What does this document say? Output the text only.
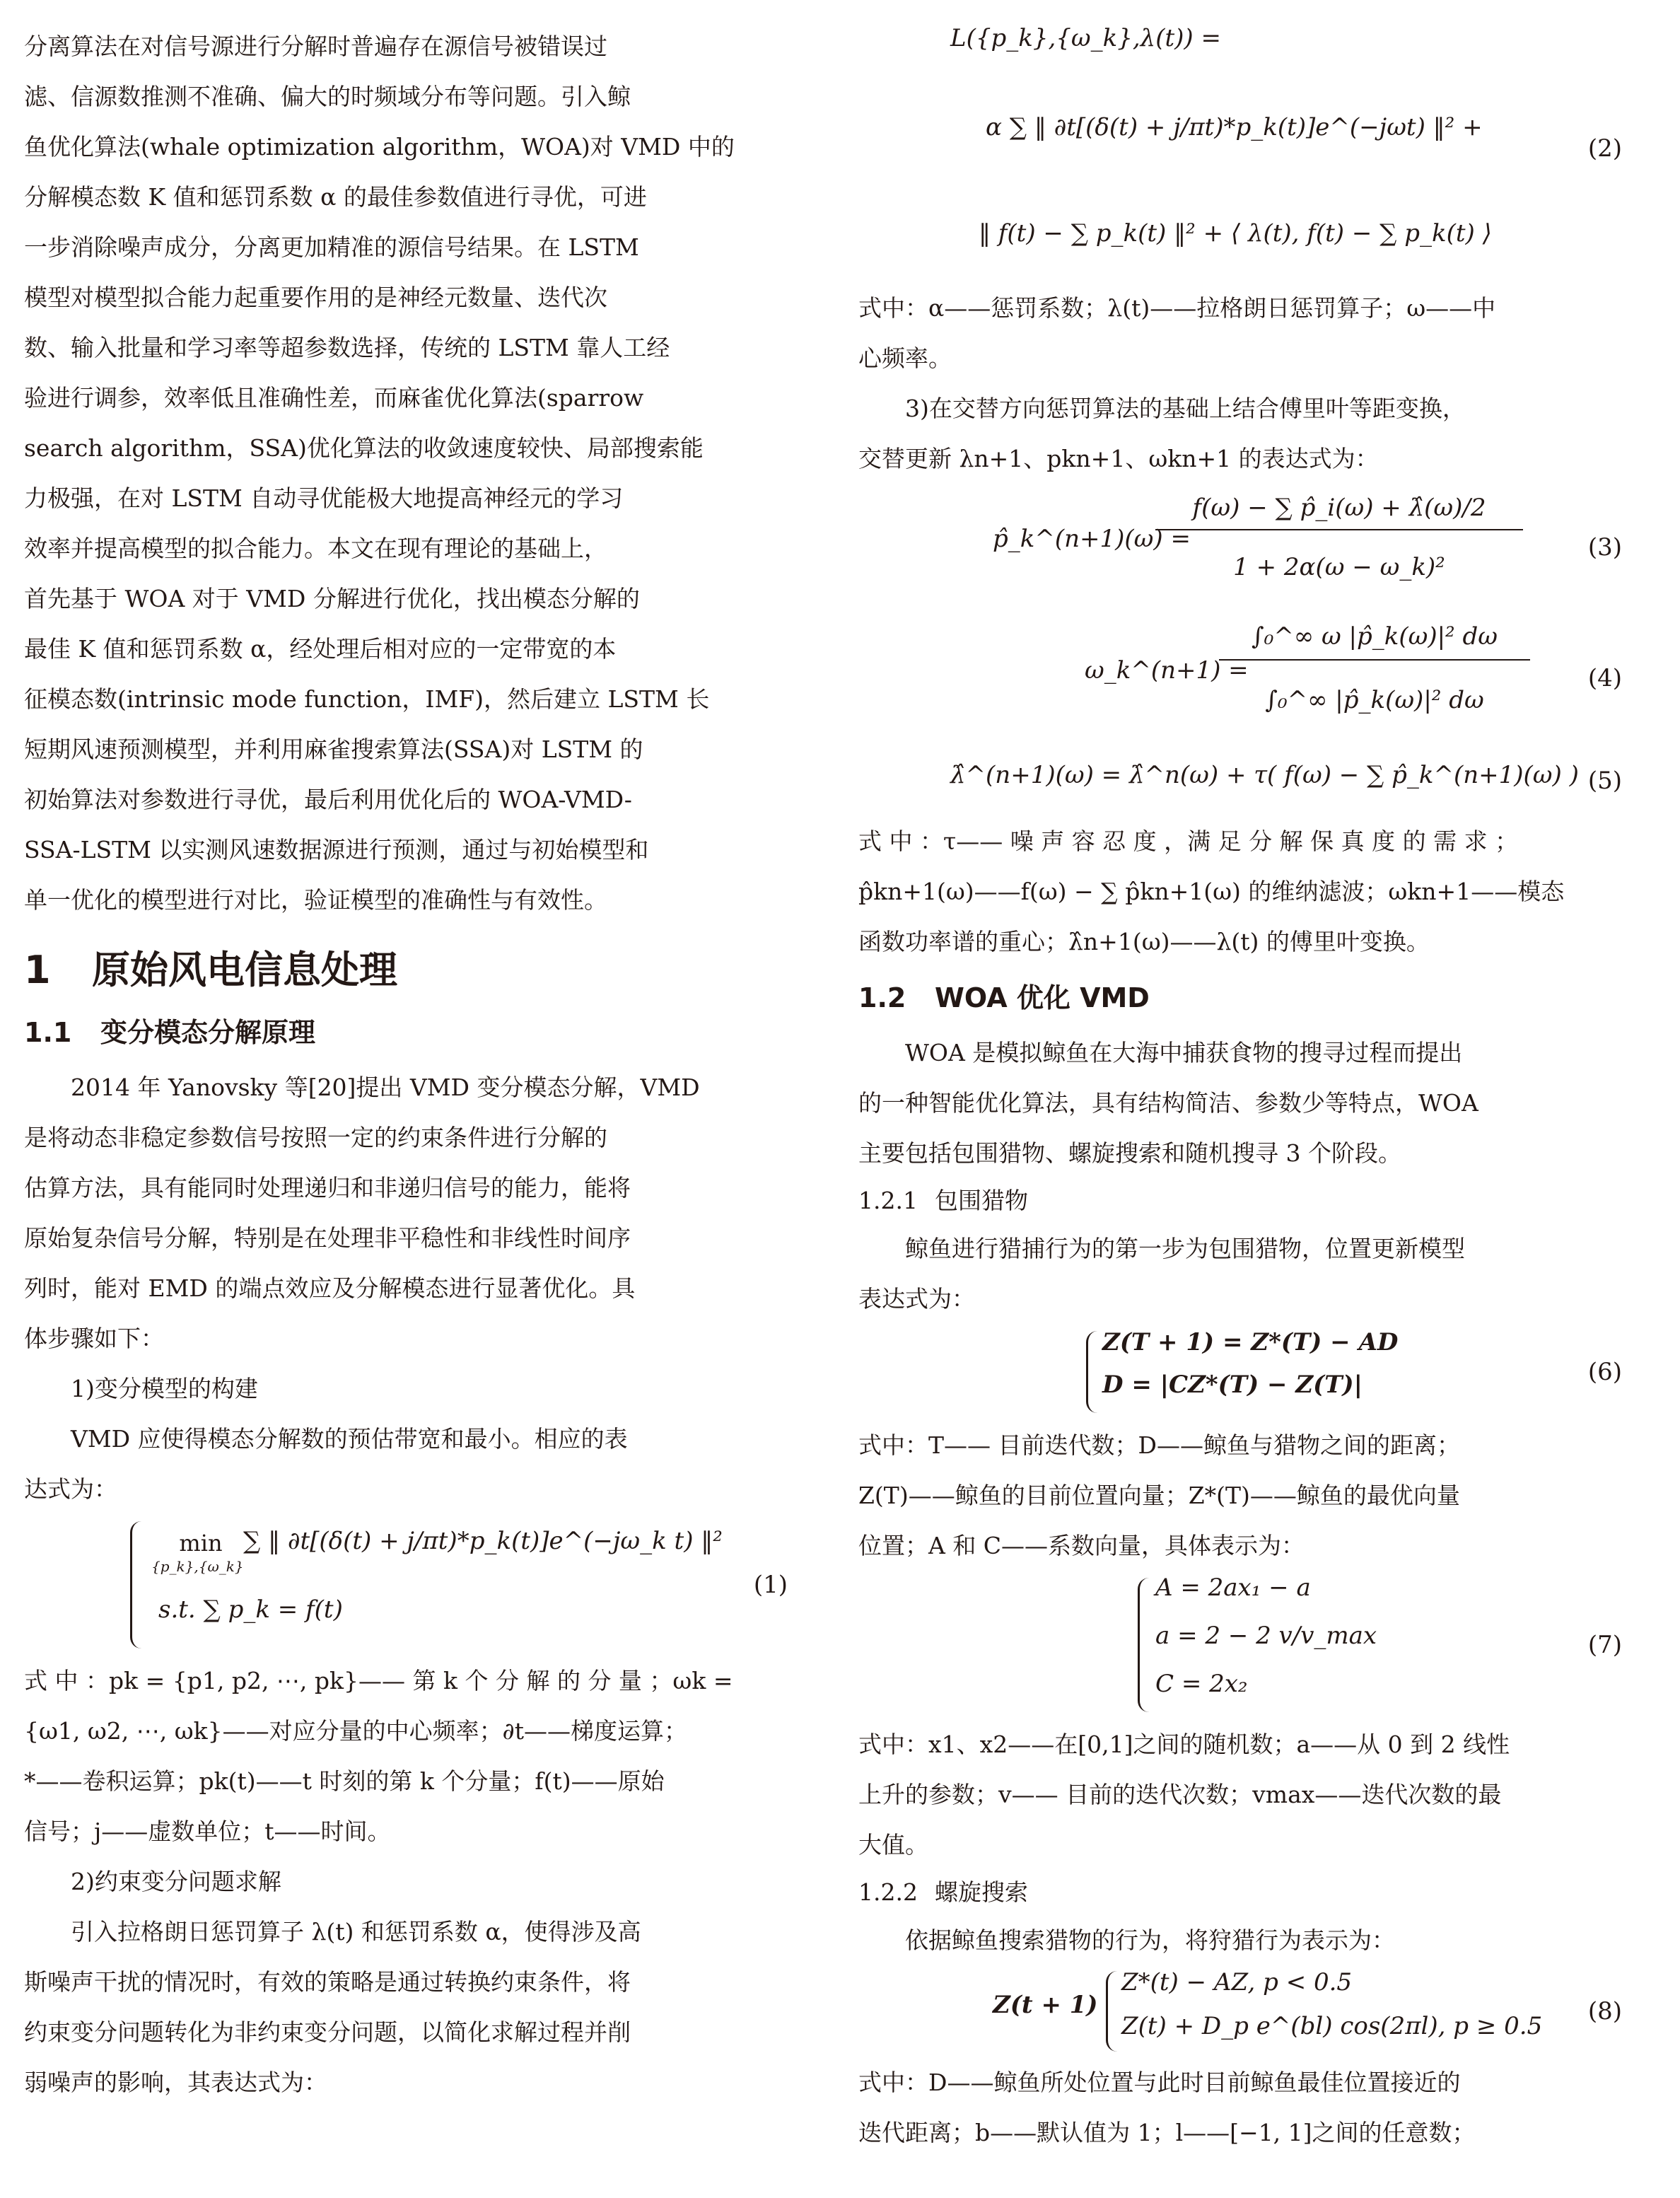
分离算法在对信号源进行分解时普遍存在源信号被错误过
滤、信源数推测不准确、偏大的时频域分布等问题。引入鲸
鱼优化算法(whale optimization algorithm，WOA)对 VMD 中的
分解模态数 K 值和惩罚系数 α 的最佳参数值进行寻优，可进
一步消除噪声成分，分离更加精准的源信号结果。在 LSTM
模型对模型拟合能力起重要作用的是神经元数量、迭代次
数、输入批量和学习率等超参数选择，传统的 LSTM 靠人工经
验进行调参，效率低且准确性差，而麻雀优化算法(sparrow
search algorithm，SSA)优化算法的收敛速度较快、局部搜索能
力极强，在对 LSTM 自动寻优能极大地提高神经元的学习
效率并提高模型的拟合能力。本文在现有理论的基础上，
首先基于 WOA 对于 VMD 分解进行优化，找出模态分解的
最佳 K 值和惩罚系数 α，经处理后相对应的一定带宽的本
征模态数(intrinsic mode function，IMF)，然后建立 LSTM 长
短期风速预测模型，并利用麻雀搜索算法(SSA)对 LSTM 的
初始算法对参数进行寻优，最后利用优化后的 WOA-VMD-
SSA-LSTM 以实测风速数据源进行预测，通过与初始模型和
单一优化的模型进行对比，验证模型的准确性与有效性。
1 原始风电信息处理
1.1 变分模态分解原理
2014 年 Yanovsky 等[20]提出 VMD 变分模态分解，VMD
是将动态非稳定参数信号按照一定的约束条件进行分解的
估算方法，具有能同时处理递归和非递归信号的能力，能将
原始复杂信号分解，特别是在处理非平稳性和非线性时间序
列时，能对 EMD 的端点效应及分解模态进行显著优化。具
体步骤如下：
1)变分模型的构建
VMD 应使得模态分解数的预估带宽和最小。相应的表
达式为：
min
{p_k},{ω_k}
∑ ‖ ∂t[(δ(t) + j/πt)*p_k(t)]e^(−jω_k t) ‖²
s.t. ∑ p_k = f(t)
(1)
式 中 ：pk = {p1, p2, ⋯, pk}—— 第 k 个 分 解 的 分 量 ；ωk =
{ω1, ω2, ⋯, ωk}——对应分量的中心频率；∂t——梯度运算；
*——卷积运算；pk(t)——t 时刻的第 k 个分量；f(t)——原始
信号；j——虚数单位；t——时间。
2)约束变分问题求解
引入拉格朗日惩罚算子 λ(t) 和惩罚系数 α，使得涉及高
斯噪声干扰的情况时，有效的策略是通过转换约束条件，将
约束变分问题转化为非约束变分问题，以简化求解过程并削
弱噪声的影响，其表达式为：
L({p_k},{ω_k},λ(t)) =
α ∑ ‖ ∂t[(δ(t) + j/πt)*p_k(t)]e^(−jωt) ‖² +
‖ f(t) − ∑ p_k(t) ‖² + ⟨ λ(t), f(t) − ∑ p_k(t) ⟩
(2)
式中：α——惩罚系数；λ(t)——拉格朗日惩罚算子；ω——中
心频率。
3)在交替方向惩罚算法的基础上结合傅里叶等距变换，
交替更新 λn+1、pkn+1、ωkn+1 的表达式为：
p̂_k^(n+1)(ω) =
f(ω) − ∑ p̂_i(ω) + λ̂(ω)/2
1 + 2α(ω − ω_k)²
(3)
ω_k^(n+1) =
∫₀^∞ ω |p̂_k(ω)|² dω
∫₀^∞ |p̂_k(ω)|² dω
(4)
λ̂^(n+1)(ω) = λ̂^n(ω) + τ( f(ω) − ∑ p̂_k^(n+1)(ω) ) (5)
式 中 ：τ—— 噪 声 容 忍 度 ，满 足 分 解 保 真 度 的 需 求 ；
p̂kn+1(ω)——f(ω) − ∑ p̂kn+1(ω) 的维纳滤波；ωkn+1——模态
函数功率谱的重心；λ̂n+1(ω)——λ(t) 的傅里叶变换。
1.2 WOA 优化 VMD
WOA 是模拟鲸鱼在大海中捕获食物的搜寻过程而提出
的一种智能优化算法，具有结构简洁、参数少等特点，WOA
主要包括包围猎物、螺旋搜索和随机搜寻 3 个阶段。
1.2.1 包围猎物
鲸鱼进行猎捕行为的第一步为包围猎物，位置更新模型
表达式为：
Z(T + 1) = Z*(T) − AD
D = |CZ*(T) − Z(T)|	(6)
式中：T—— 目前迭代数；D——鲸鱼与猎物之间的距离；
Z(T)——鲸鱼的目前位置向量；Z*(T)——鲸鱼的最优向量
位置；A 和 C——系数向量，具体表示为：
A = 2ax₁ − a
a = 2 − 2 v/v_max
C = 2x₂
(7)
式中：x1、x2——在[0,1]之间的随机数；a——从 0 到 2 线性
上升的参数；v—— 目前的迭代次数；vmax——迭代次数的最
大值。
1.2.2 螺旋搜索
依据鲸鱼搜索猎物的行为，将狩猎行为表示为：
Z(t + 1)
Z*(t) − AZ, p < 0.5
Z(t) + D_p e^(bl) cos(2πl), p ≥ 0.5
(8)
式中：D——鲸鱼所处位置与此时目前鲸鱼最佳位置接近的
迭代距离；b——默认值为 1；l——[−1, 1]之间的任意数；
